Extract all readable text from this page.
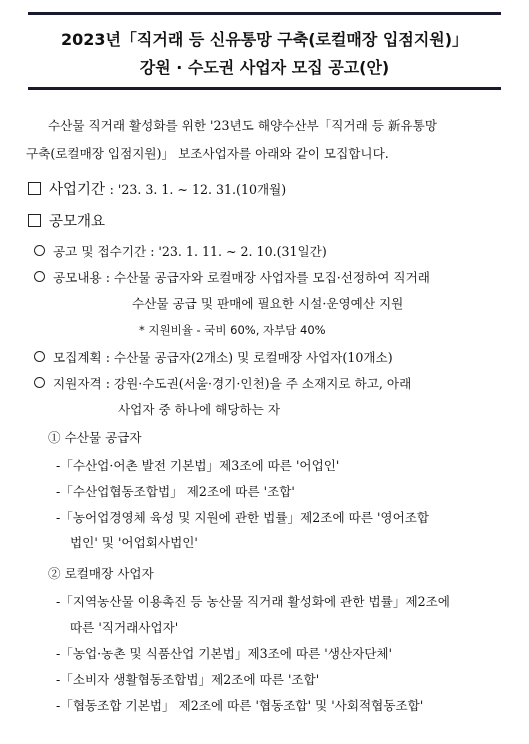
2023년「직거래 등 신유통망 구축(로컬매장 입점지원)」
강원 · 수도권 사업자 모집 공고(안)
수산물 직거래 활성화를 위한 '23년도 해양수산부「직거래 등 新유통망
구축(로컬매장 입점지원)」 보조사업자를 아래와 같이 모집합니다.
사업기간 : '23. 3. 1. ~ 12. 31.(10개월)
공모개요
공고 및 접수기간 : '23. 1. 11. ~ 2. 10.(31일간)
공모내용 : 수산물 공급자와 로컬매장 사업자를 모집·선정하여 직거래
수산물 공급 및 판매에 필요한 시설·운영예산 지원
* 지원비율 - 국비 60%, 자부담 40%
모집계획 : 수산물 공급자(2개소) 및 로컬매장 사업자(10개소)
지원자격 : 강원·수도권(서울·경기·인천)을 주 소재지로 하고, 아래
사업자 중 하나에 해당하는 자
① 수산물 공급자
-「수산업·어촌 발전 기본법」제3조에 따른 '어업인'
-「수산업협동조합법」 제2조에 따른 '조합'
-「농어업경영체 육성 및 지원에 관한 법률」제2조에 따른 '영어조합
법인' 및 '어업회사법인'
② 로컬매장 사업자
-「지역농산물 이용촉진 등 농산물 직거래 활성화에 관한 법률」제2조에
따른 '직거래사업자'
-「농업·농촌 및 식품산업 기본법」제3조에 따른 '생산자단체'
-「소비자 생활협동조합법」제2조에 따른 '조합'
-「협동조합 기본법」 제2조에 따른 '협동조합' 및 '사회적협동조합'
